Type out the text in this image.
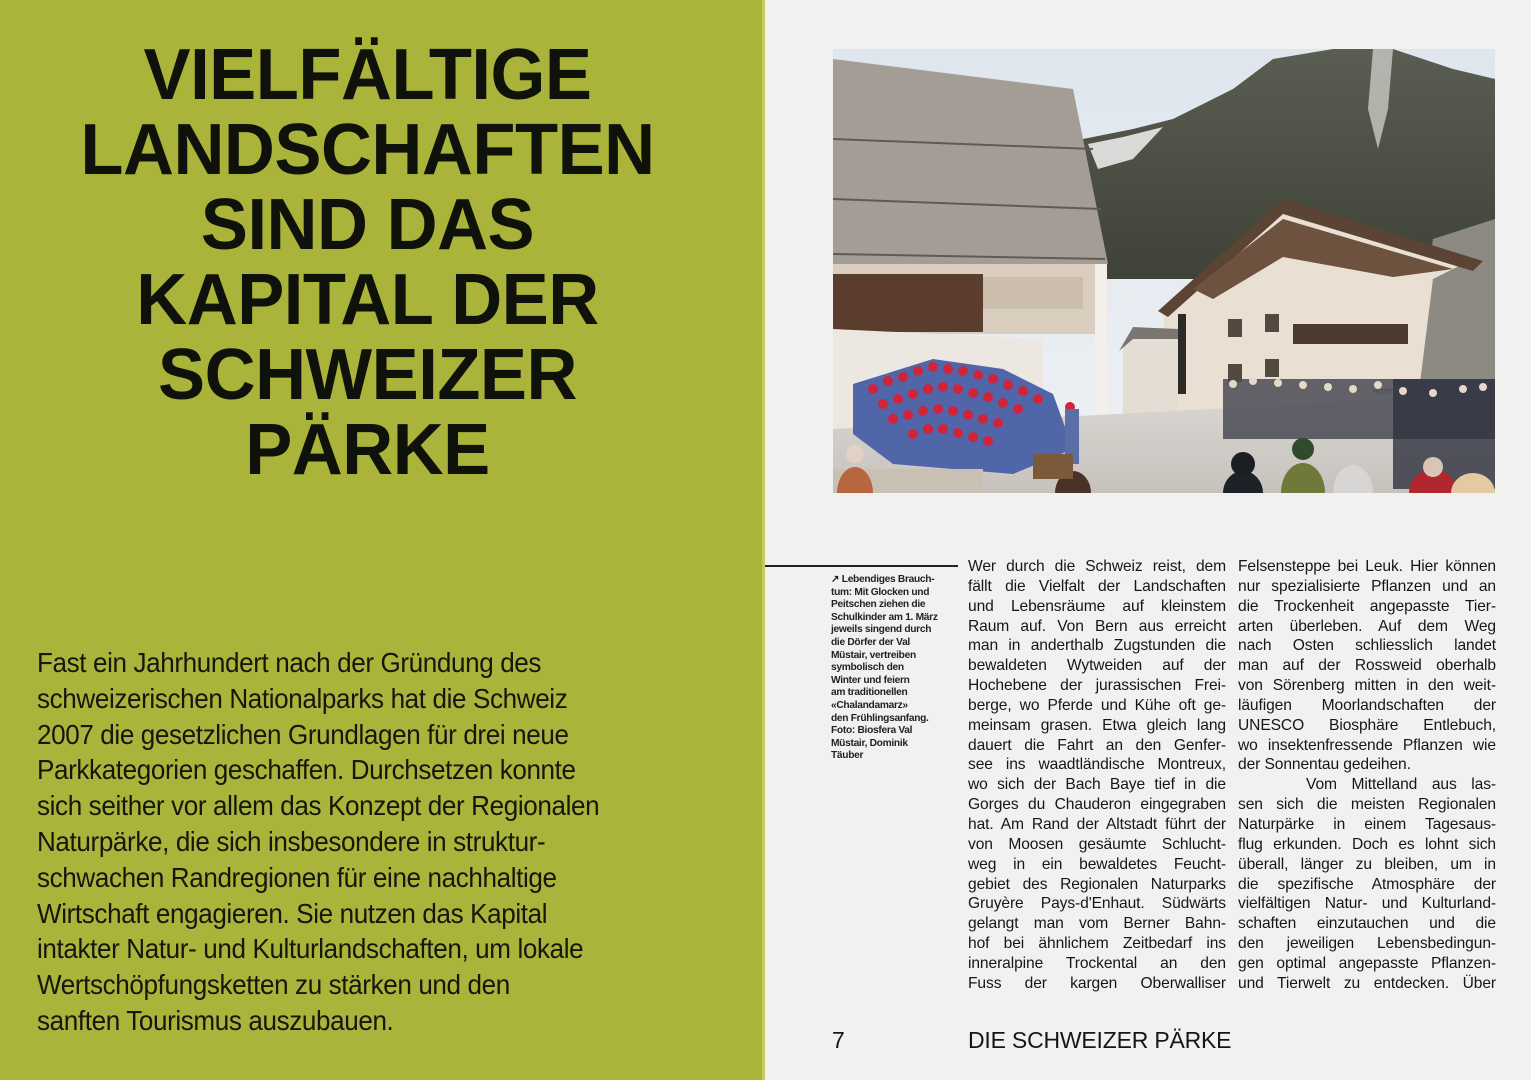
VIELFÄLTIGE
LANDSCHAFTEN
SIND DAS
KAPITAL DER
SCHWEIZER
PÄRKE

Fast ein Jahrhundert nach der Gründung des
schweizerischen Nationalparks hat die Schweiz
2007 die gesetzlichen Grundlagen für drei neue
Parkkategorien geschaffen. Durchsetzen konnte
sich seither vor allem das Konzept der Regionalen
Naturpärke, die sich insbesondere in struktur-
schwachen Randregionen für eine nachhaltige
Wirtschaft engagieren. Sie nutzen das Kapital
intakter Natur- und Kulturlandschaften, um lokale
Wertschöpfungsketten zu stärken und den
sanften Tourismus auszubauen.

↗ Lebendiges Brauch-
tum: Mit Glocken und
Peitschen ziehen die
Schulkinder am 1. März
jeweils singend durch
die Dörfer der Val
Müstair, vertreiben
symbolisch den
Winter und feiern
am traditionellen
«Chalandamarz»
den Frühlingsanfang.
Foto: Biosfera Val
Müstair, Dominik
Täuber

Wer durch die Schweiz reist, dem
fällt die Vielfalt der Landschaften
und Lebensräume auf kleinstem
Raum auf. Von Bern aus erreicht
man in anderthalb Zugstunden die
bewaldeten Wytweiden auf der
Hochebene der jurassischen Frei-
berge, wo Pferde und Kühe oft ge-
meinsam grasen. Etwa gleich lang
dauert die Fahrt an den Genfer-
see ins waadtländische Montreux,
wo sich der Bach Baye tief in die
Gorges du Chauderon eingegraben
hat. Am Rand der Altstadt führt der
von Moosen gesäumte Schlucht-
weg in ein bewaldetes Feucht-
gebiet des Regionalen Naturparks
Gruyère Pays-d'Enhaut. Südwärts
gelangt man vom Berner Bahn-
hof bei ähnlichem Zeitbedarf ins
inneralpine Trockental an den
Fuss der kargen Oberwalliser
Felsensteppe bei Leuk. Hier können
nur spezialisierte Pflanzen und an
die Trockenheit angepasste Tier-
arten überleben. Auf dem Weg
nach Osten schliesslich landet
man auf der Rossweid oberhalb
von Sörenberg mitten in den weit-
läufigen Moorlandschaften der
UNESCO Biosphäre Entlebuch,
wo insektenfressende Pflanzen wie
der Sonnentau gedeihen.
Vom Mittelland aus las-
sen sich die meisten Regionalen
Naturpärke in einem Tagesaus-
flug erkunden. Doch es lohnt sich
überall, länger zu bleiben, um in
die spezifische Atmosphäre der
vielfältigen Natur- und Kulturland-
schaften einzutauchen und die
den jeweiligen Lebensbedingun-
gen optimal angepasste Pflanzen-
und Tierwelt zu entdecken. Über
7	DIE SCHWEIZER PÄRKE
